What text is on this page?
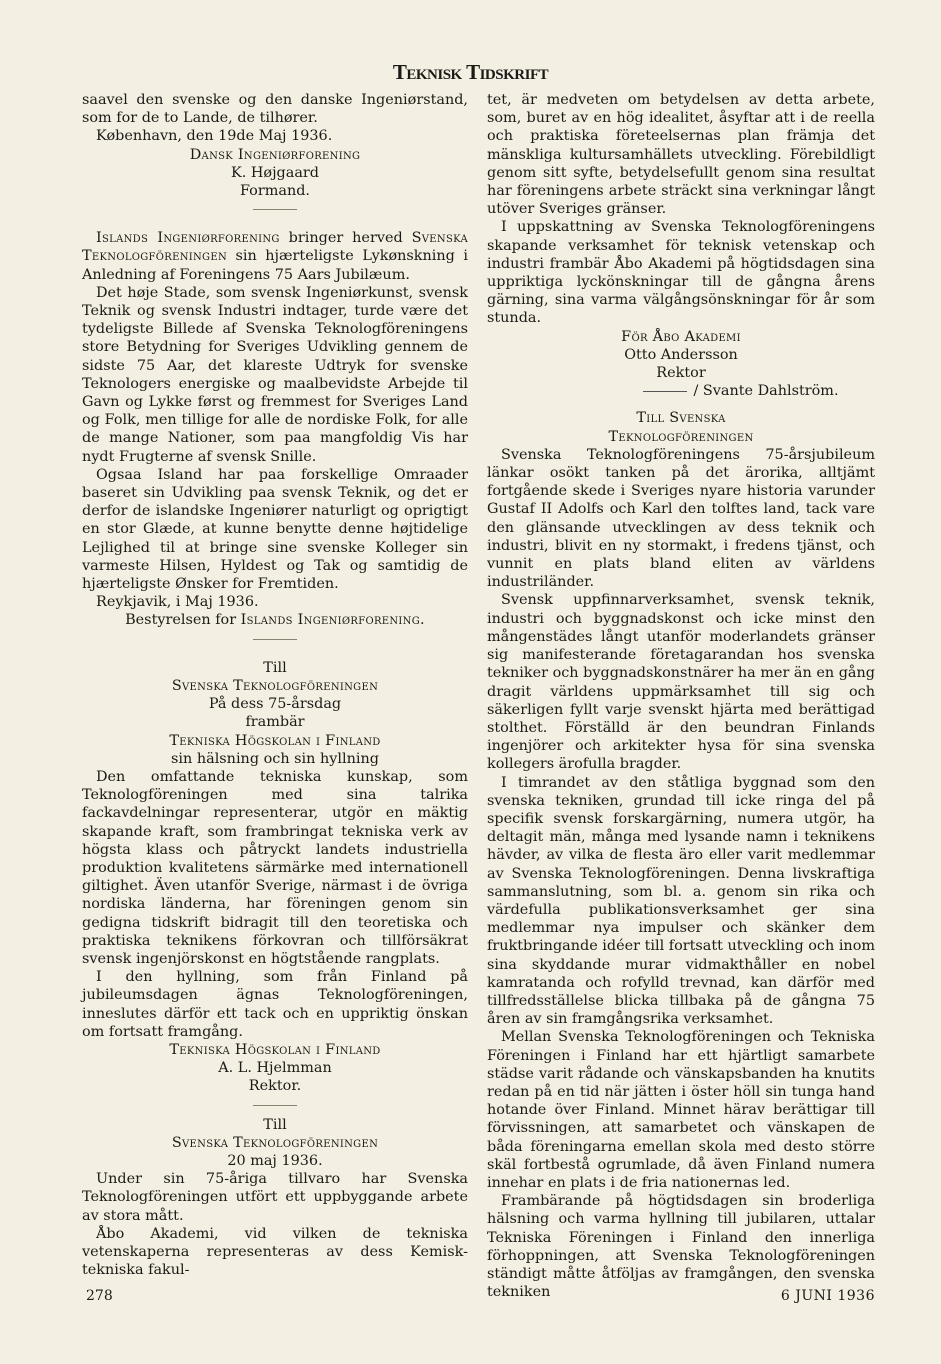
Teknisk Tidskrift

saavel den svenske og den danske Ingeniørstand, som for de to Lande, de tilhører.

København, den 19de Maj 1936.

Dansk Ingeniørforening

K. Højgaard

Formand.

Islands Ingeniørforening bringer herved Svenska Teknologföreningen sin hjærteligste Lykønskning i Anledning af Foreningens 75 Aars Jubilæum.

Det høje Stade, som svensk Ingeniørkunst, svensk Teknik og svensk Industri indtager, turde være det tydeligste Billede af Svenska Teknologföreningens store Betydning for Sveriges Udvikling gennem de sidste 75 Aar, det klareste Udtryk for svenske Teknologers energiske og maalbevidste Arbejde til Gavn og Lykke først og fremmest for Sveriges Land og Folk, men tillige for alle de nordiske Folk, for alle de mange Nationer, som paa mangfoldig Vis har nydt Frugterne af svensk Snille.

Ogsaa Island har paa forskellige Omraader baseret sin Udvikling paa svensk Teknik, og det er derfor de islandske Ingeniører naturligt og oprigtigt en stor Glæde, at kunne benytte denne højtidelige Lejlighed til at bringe sine svenske Kolleger sin varmeste Hilsen, Hyldest og Tak og samtidig de hjærteligste Ønsker for Fremtiden.

Reykjavik, i Maj 1936.

Bestyrelsen for Islands Ingeniørforening.

Till

Svenska Teknologföreningen

På dess 75-årsdag

frambär

Tekniska Högskolan i Finland

sin hälsning och sin hyllning

Den omfattande tekniska kunskap, som Teknologföreningen med sina talrika fackavdelningar representerar, utgör en mäktig skapande kraft, som frambringat tekniska verk av högsta klass och påtryckt landets industriella produktion kvalitetens särmärke med internationell giltighet. Även utanför Sverige, närmast i de övriga nordiska länderna, har föreningen genom sin gedigna tidskrift bidragit till den teoretiska och praktiska teknikens förkovran och tillförsäkrat svensk ingenjörskonst en högtstående rangplats.

I den hyllning, som från Finland på jubileumsdagen ägnas Teknologföreningen, inneslutes därför ett tack och en uppriktig önskan om fortsatt framgång.

Tekniska Högskolan i Finland

A. L. Hjelmman

Rektor.

Till

Svenska Teknologföreningen

20 maj 1936.

Under sin 75-åriga tillvaro har Svenska Teknologföreningen utfört ett uppbyggande arbete av stora mått.

Åbo Akademi, vid vilken de tekniska vetenskaperna representeras av dess Kemisk-tekniska fakul-

tet, är medveten om betydelsen av detta arbete, som, buret av en hög idealitet, åsyftar att i de reella och praktiska företeelsernas plan främja det mänskliga kultursamhällets utveckling. Förebildligt genom sitt syfte, betydelsefullt genom sina resultat har föreningens arbete sträckt sina verkningar långt utöver Sveriges gränser.

I uppskattning av Svenska Teknologföreningens skapande verksamhet för teknisk vetenskap och industri frambär Åbo Akademi på högtidsdagen sina uppriktiga lyckönskningar till de gångna årens gärning, sina varma välgångsönskningar för år som stunda.

För Åbo Akademi

Otto Andersson

Rektor

/ Svante Dahlström.

Till Svenska

Teknologföreningen

Svenska Teknologföreningens 75-årsjubileum länkar osökt tanken på det ärorika, alltjämt fortgående skede i Sveriges nyare historia varunder Gustaf II Adolfs och Karl den tolftes land, tack vare den glänsande utvecklingen av dess teknik och industri, blivit en ny stormakt, i fredens tjänst, och vunnit en plats bland eliten av världens industriländer.

Svensk uppfinnarverksamhet, svensk teknik, industri och byggnadskonst och icke minst den mångenstädes långt utanför moderlandets gränser sig manifesterande företagarandan hos svenska tekniker och byggnadskonstnärer ha mer än en gång dragit världens uppmärksamhet till sig och säkerligen fyllt varje svenskt hjärta med berättigad stolthet. Förställd är den beundran Finlands ingenjörer och arkitekter hysa för sina svenska kollegers ärofulla bragder.

I timrandet av den ståtliga byggnad som den svenska tekniken, grundad till icke ringa del på specifik svensk forskargärning, numera utgör, ha deltagit män, många med lysande namn i teknikens hävder, av vilka de flesta äro eller varit medlemmar av Svenska Teknologföreningen. Denna livskraftiga sammanslutning, som bl. a. genom sin rika och värdefulla publikationsverksamhet ger sina medlemmar nya impulser och skänker dem fruktbringande idéer till fortsatt utveckling och inom sina skyddande murar vidmakthåller en nobel kamratanda och rofylld trevnad, kan därför med tillfredsställelse blicka tillbaka på de gångna 75 åren av sin framgångsrika verksamhet.

Mellan Svenska Teknologföreningen och Tekniska Föreningen i Finland har ett hjärtligt samarbete städse varit rådande och vänskapsbanden ha knutits redan på en tid när jätten i öster höll sin tunga hand hotande över Finland. Minnet härav berättigar till förvissningen, att samarbetet och vänskapen de båda föreningarna emellan skola med desto större skäl fortbestå ogrumlade, då även Finland numera innehar en plats i de fria nationernas led.

Frambärande på högtidsdagen sin broderliga hälsning och varma hyllning till jubilaren, uttalar Tekniska Föreningen i Finland den innerliga förhoppningen, att Svenska Teknologföreningen ständigt måtte åtföljas av framgången, den svenska tekniken

278	6 JUNI 1936
